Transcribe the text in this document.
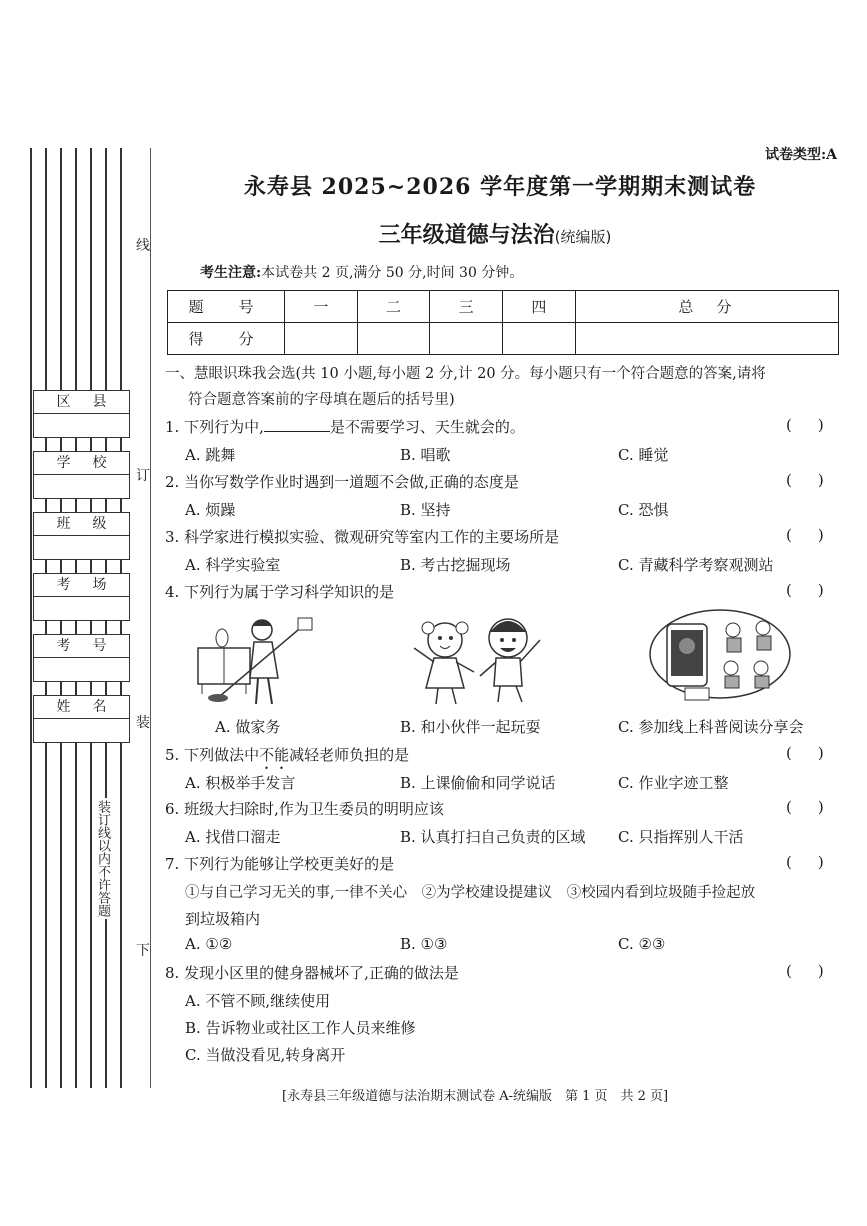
区县
学校
班级
考场
考号
姓名
线
订
装
下
装订线以内不许答题
试卷类型:A
永寿县 2025~2026 学年度第一学期期末测试卷
三年级道德与法治(统编版)
考生注意:本试卷共 2 页,满分 50 分,时间 30 分钟。
题　号	一	二	三	四	总　分
得　分					
一、慧眼识珠我会选(共 10 小题,每小题 2 分,计 20 分。每小题只有一个符合题意的答案,请将
符合题意答案前的字母填在题后的括号里)
1. 下列行为中,	是不需要学习、天生就会的。	()
A. 跳舞	B. 唱歌	C. 睡觉
2. 当你写数学作业时遇到一道题不会做,正确的态度是	()
A. 烦躁	B. 坚持	C. 恐惧
3. 科学家进行模拟实验、微观研究等室内工作的主要场所是	()
A. 科学实验室	B. 考古挖掘现场	C. 青藏科学考察观测站
4. 下列行为属于学习科学知识的是	()
A. 做家务	B. 和小伙伴一起玩耍	C. 参加线上科普阅读分享会
5. 下列做法中不能减轻老师负担的是	()
A. 积极举手发言	B. 上课偷偷和同学说话	C. 作业字迹工整
6. 班级大扫除时,作为卫生委员的明明应该	()
A. 找借口溜走	B. 认真打扫自己负责的区域 C. 只指挥别人干活
7. 下列行为能够让学校更美好的是	()
①与自己学习无关的事,一律不关心　②为学校建设提建议　③校园内看到垃圾随手捡起放
到垃圾箱内
A. ①②	B. ①③	C. ②③
8. 发现小区里的健身器械坏了,正确的做法是	()
A. 不管不顾,继续使用
B. 告诉物业或社区工作人员来维修
C. 当做没看见,转身离开
[永寿县三年级道德与法治期末测试卷 A-统编版　第 1 页　共 2 页]
